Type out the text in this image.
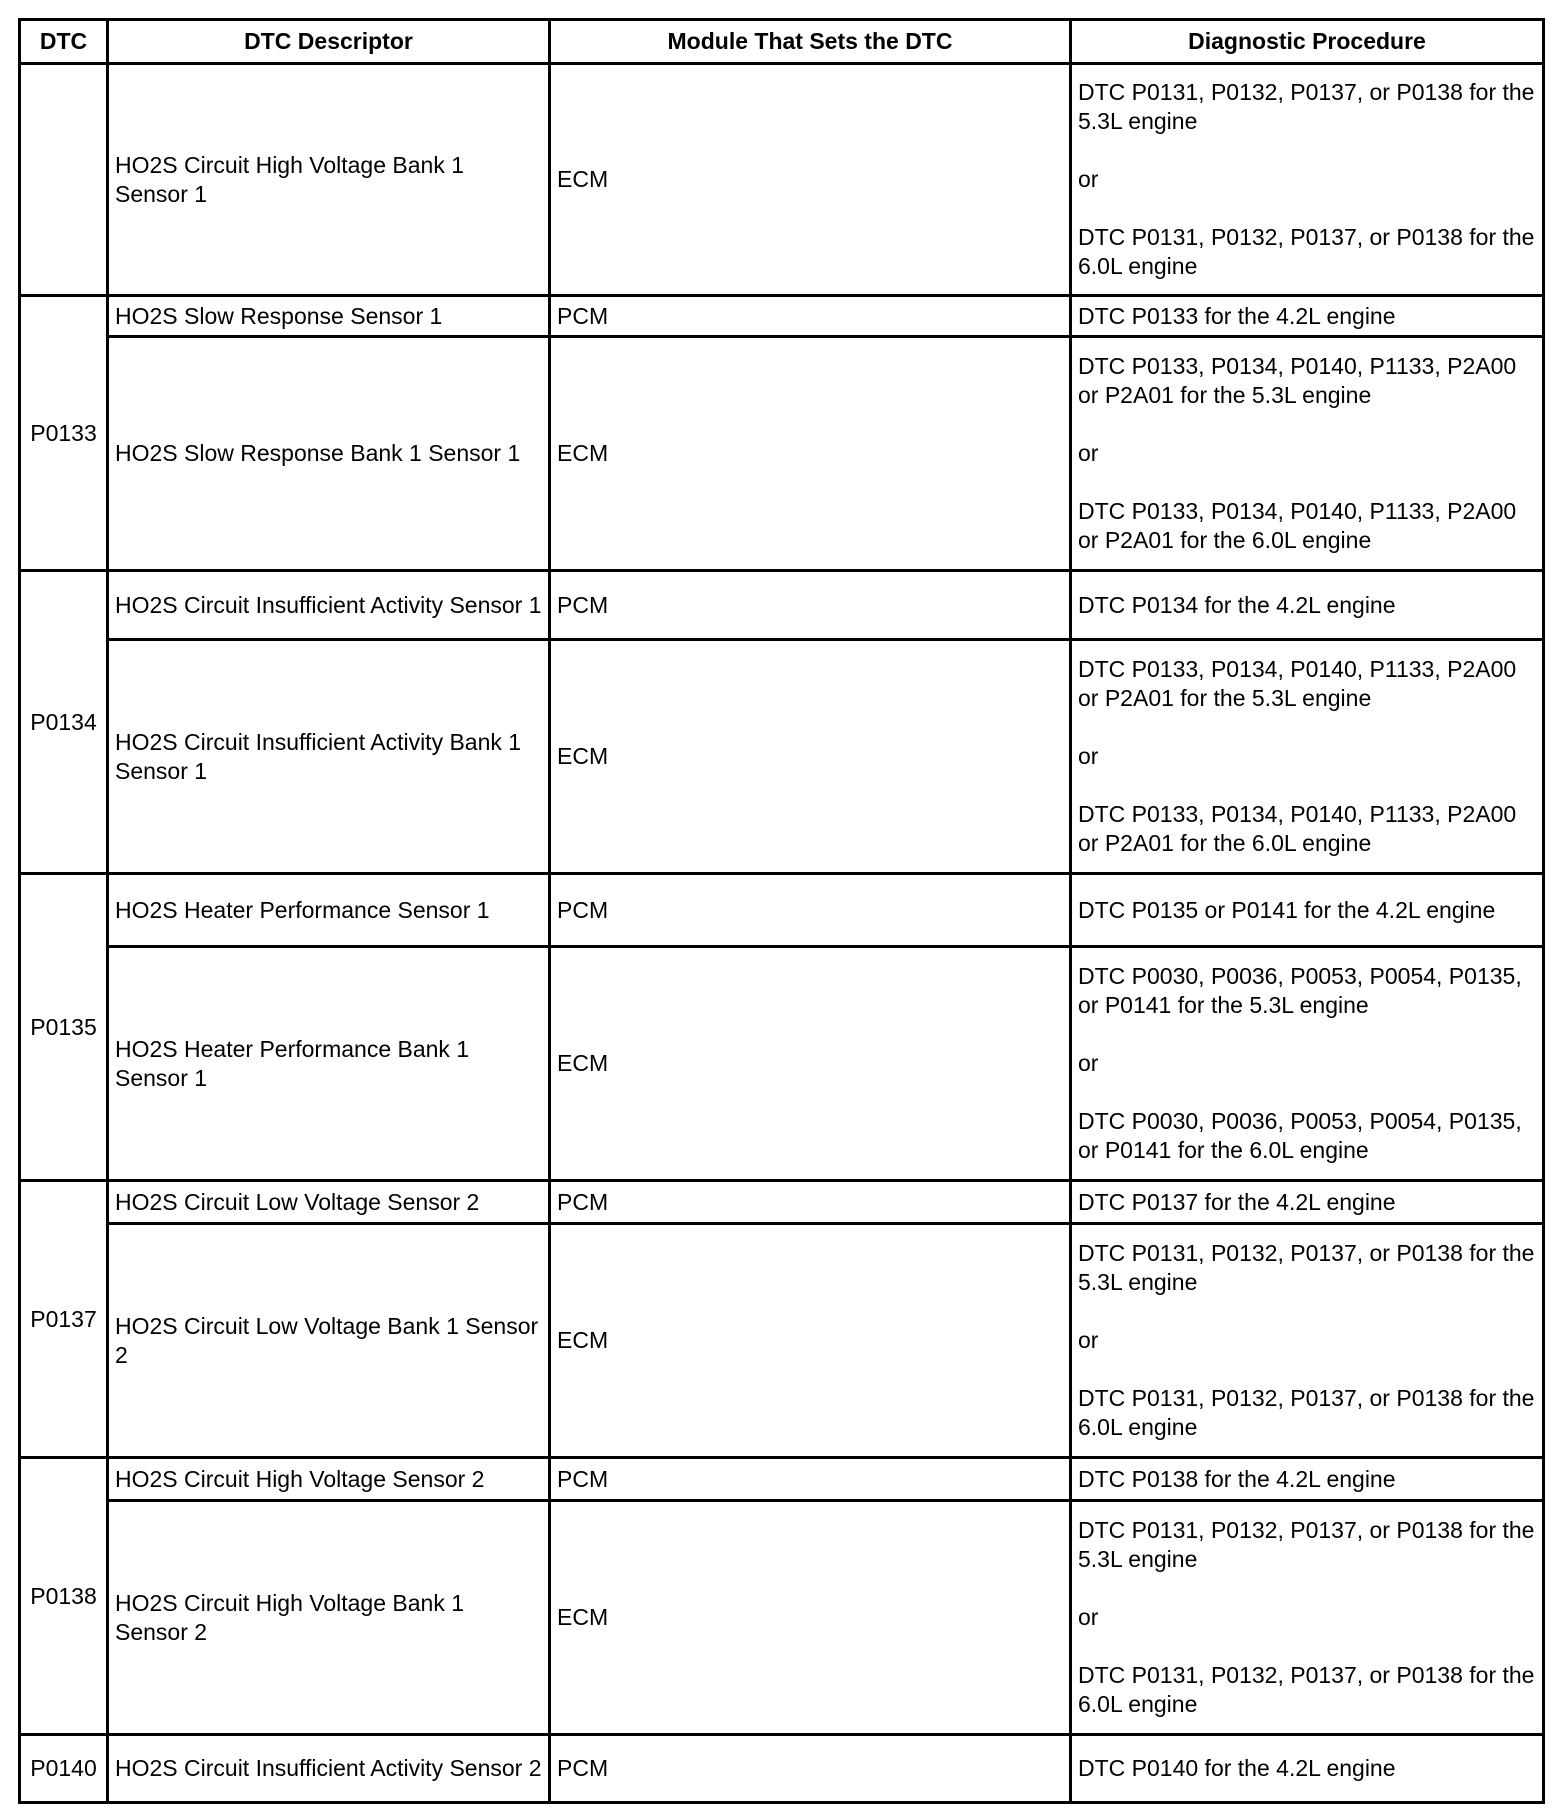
DTC	DTC Descriptor	Module That Sets the DTC	Diagnostic Procedure
	HO2S Circuit High Voltage Bank 1 Sensor 1	ECM	DTC P0131, P0132, P0137, or P0138 for the 5.3L engine

or

DTC P0131, P0132, P0137, or P0138 for the 6.0L engine
P0133	HO2S Slow Response Sensor 1	PCM	DTC P0133 for the 4.2L engine
	HO2S Slow Response Bank 1 Sensor 1	ECM	DTC P0133, P0134, P0140, P1133, P2A00 or P2A01 for the 5.3L engine

or

DTC P0133, P0134, P0140, P1133, P2A00 or P2A01 for the 6.0L engine
P0134	HO2S Circuit Insufficient Activity Sensor 1	PCM	DTC P0134 for the 4.2L engine
	HO2S Circuit Insufficient Activity Bank 1 Sensor 1	ECM	DTC P0133, P0134, P0140, P1133, P2A00 or P2A01 for the 5.3L engine

or

DTC P0133, P0134, P0140, P1133, P2A00 or P2A01 for the 6.0L engine
P0135	HO2S Heater Performance Sensor 1	PCM	DTC P0135 or P0141 for the 4.2L engine
	HO2S Heater Performance Bank 1 Sensor 1	ECM	DTC P0030, P0036, P0053, P0054, P0135, or P0141 for the 5.3L engine

or

DTC P0030, P0036, P0053, P0054, P0135, or P0141 for the 6.0L engine
P0137	HO2S Circuit Low Voltage Sensor 2	PCM	DTC P0137 for the 4.2L engine
	HO2S Circuit Low Voltage Bank 1 Sensor 2	ECM	DTC P0131, P0132, P0137, or P0138 for the 5.3L engine

or

DTC P0131, P0132, P0137, or P0138 for the 6.0L engine
P0138	HO2S Circuit High Voltage Sensor 2	PCM	DTC P0138 for the 4.2L engine
	HO2S Circuit High Voltage Bank 1 Sensor 2	ECM	DTC P0131, P0132, P0137, or P0138 for the 5.3L engine

or

DTC P0131, P0132, P0137, or P0138 for the 6.0L engine
P0140	HO2S Circuit Insufficient Activity Sensor 2	PCM	DTC P0140 for the 4.2L engine
